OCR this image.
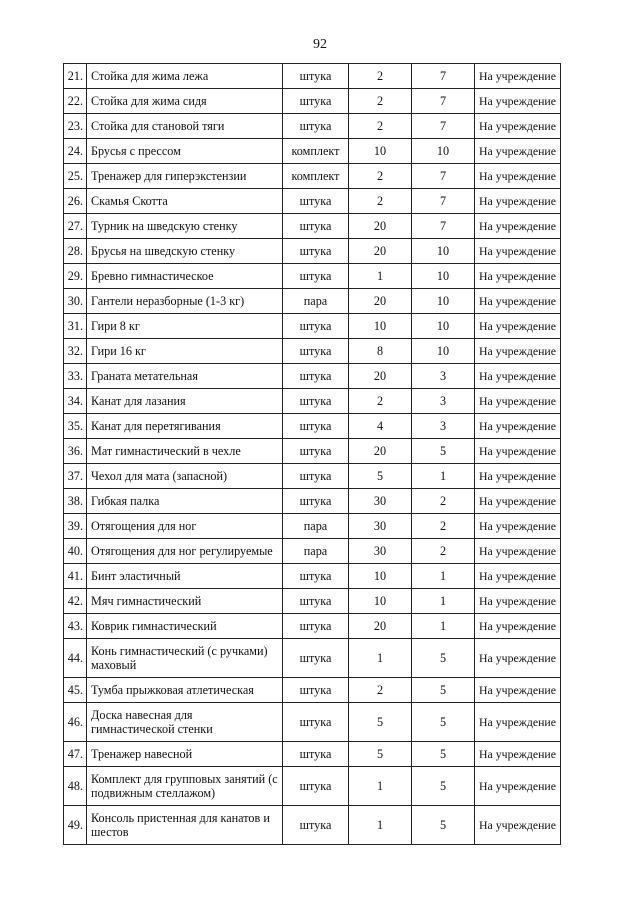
92
21.	Стойка для жима лежа	штука	2	7	На учреждение
22.	Стойка для жима сидя	штука	2	7	На учреждение
23.	Стойка для становой тяги	штука	2	7	На учреждение
24.	Брусья с прессом	комплект	10	10	На учреждение
25.	Тренажер для гиперэкстензии	комплект	2	7	На учреждение
26.	Скамья Скотта	штука	2	7	На учреждение
27.	Турник на шведскую стенку	штука	20	7	На учреждение
28.	Брусья на шведскую стенку	штука	20	10	На учреждение
29.	Бревно гимнастическое	штука	1	10	На учреждение
30.	Гантели неразборные (1-3 кг)	пара	20	10	На учреждение
31.	Гири 8 кг	штука	10	10	На учреждение
32.	Гири 16 кг	штука	8	10	На учреждение
33.	Граната метательная	штука	20	3	На учреждение
34.	Канат для лазания	штука	2	3	На учреждение
35.	Канат для перетягивания	штука	4	3	На учреждение
36.	Мат гимнастический в чехле	штука	20	5	На учреждение
37.	Чехол для мата (запасной)	штука	5	1	На учреждение
38.	Гибкая палка	штука	30	2	На учреждение
39.	Отягощения для ног	пара	30	2	На учреждение
40.	Отягощения для ног регулируемые	пара	30	2	На учреждение
41.	Бинт эластичный	штука	10	1	На учреждение
42.	Мяч гимнастический	штука	10	1	На учреждение
43.	Коврик гимнастический	штука	20	1	На учреждение
44.	Конь гимнастический (с ручками) маховый	штука	1	5	На учреждение
45.	Тумба прыжковая атлетическая	штука	2	5	На учреждение
46.	Доска навесная для гимнастической стенки	штука	5	5	На учреждение
47.	Тренажер навесной	штука	5	5	На учреждение
48.	Комплект для групповых занятий (с подвижным стеллажом)	штука	1	5	На учреждение
49.	Консоль пристенная для канатов и шестов	штука	1	5	На учреждение
